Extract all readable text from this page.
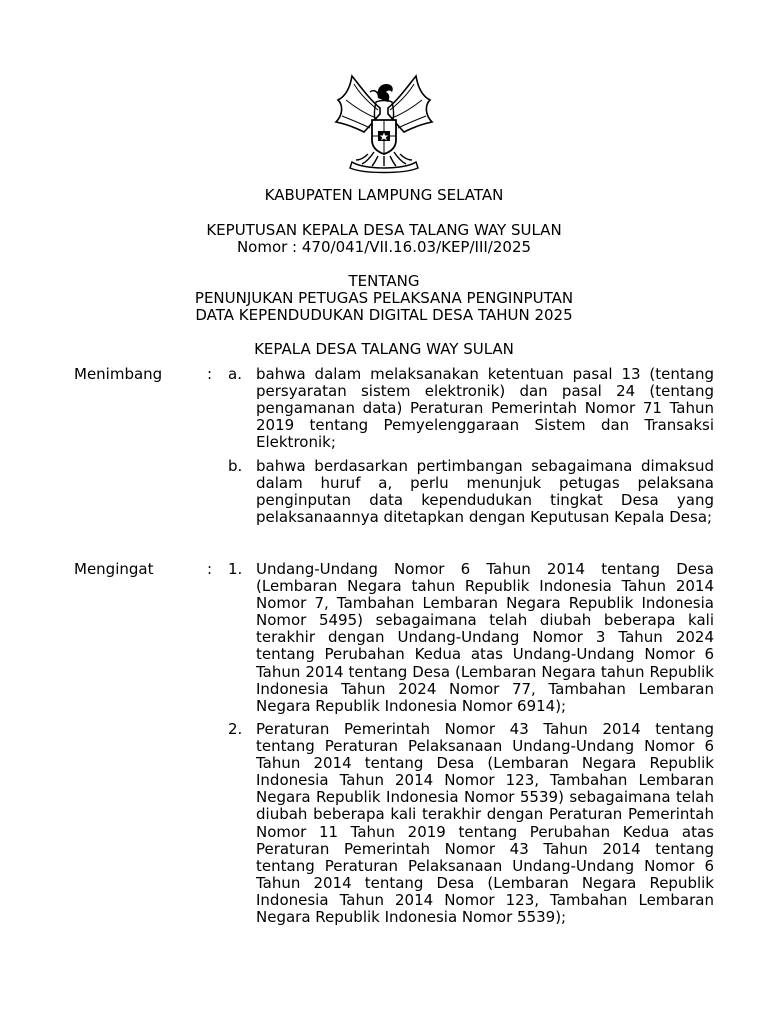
KABUPATEN LAMPUNG SELATAN
KEPUTUSAN KEPALA DESA TALANG WAY SULAN
Nomor : 470/041/VII.16.03/KEP/III/2025
TENTANG
PENUNJUKAN PETUGAS PELAKSANA PENGINPUTAN
DATA KEPENDUDUKAN DIGITAL DESA TAHUN 2025
KEPALA DESA TALANG WAY SULAN
Menimbang	: a. bahwa dalam melaksanakan ketentuan pasal 13 (tentang persyaratan sistem elektronik) dan pasal 24 (tentang pengamanan data) Peraturan Pemerintah Nomor 71 Tahun 2019 tentang Pemyelenggaraan Sistem dan Transaksi Elektronik;
b. bahwa berdasarkan pertimbangan sebagaimana dimaksud dalam huruf a, perlu menunjuk petugas pelaksana penginputan data kependudukan tingkat Desa yang pelaksanaannya ditetapkan dengan Keputusan Kepala Desa;
Mengingat	: 1. Undang-Undang Nomor 6 Tahun 2014 tentang Desa (Lembaran Negara tahun Republik Indonesia Tahun 2014 Nomor 7, Tambahan Lembaran Negara Republik Indonesia Nomor 5495) sebagaimana telah diubah beberapa kali terakhir dengan Undang-Undang Nomor 3 Tahun 2024 tentang Perubahan Kedua atas Undang-Undang Nomor 6 Tahun 2014 tentang Desa (Lembaran Negara tahun Republik Indonesia Tahun 2024 Nomor 77, Tambahan Lembaran Negara Republik Indonesia Nomor 6914);
2. Peraturan Pemerintah Nomor 43 Tahun 2014 tentang tentang Peraturan Pelaksanaan Undang-Undang Nomor 6 Tahun 2014 tentang Desa (Lembaran Negara Republik Indonesia Tahun 2014 Nomor 123, Tambahan Lembaran Negara Republik Indonesia Nomor 5539) sebagaimana telah diubah beberapa kali terakhir dengan Peraturan Pemerintah Nomor 11 Tahun 2019 tentang Perubahan Kedua atas Peraturan Pemerintah Nomor 43 Tahun 2014 tentang tentang Peraturan Pelaksanaan Undang-Undang Nomor 6 Tahun 2014 tentang Desa (Lembaran Negara Republik Indonesia Tahun 2014 Nomor 123, Tambahan Lembaran Negara Republik Indonesia Nomor 5539);
